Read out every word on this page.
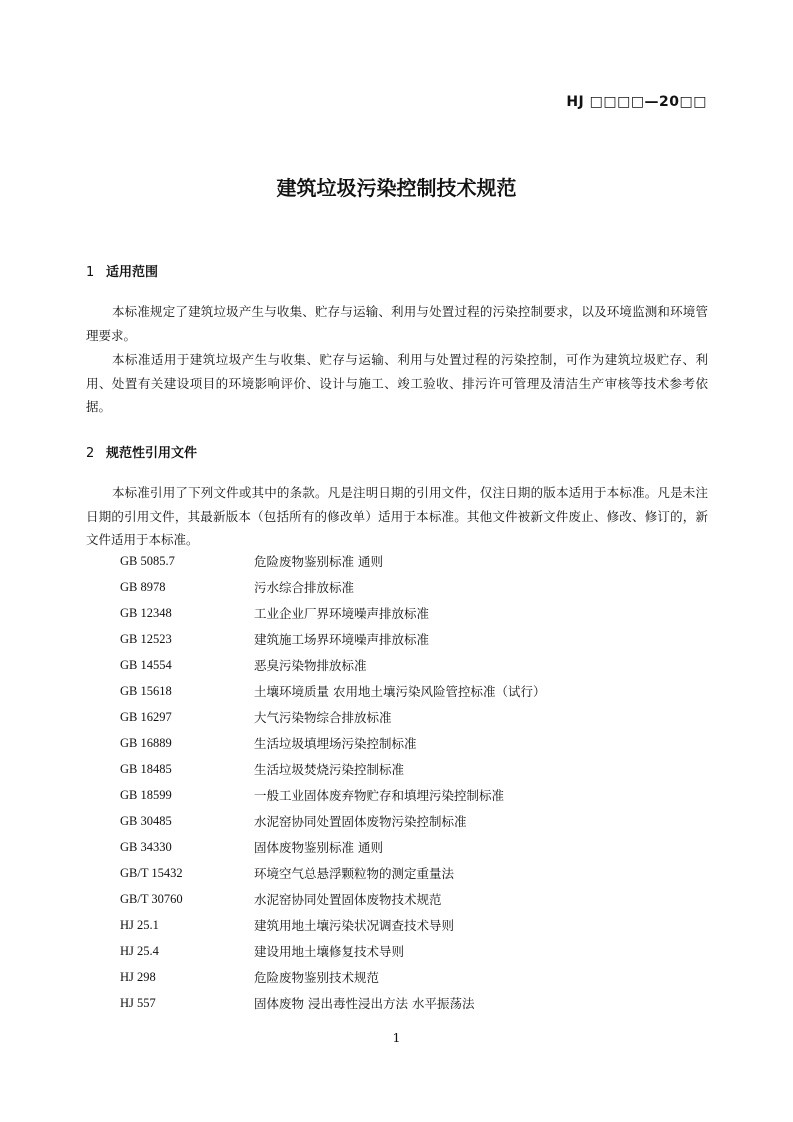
HJ □□□□—20□□
建筑垃圾污染控制技术规范
1 适用范围
本标准规定了建筑垃圾产生与收集、贮存与运输、利用与处置过程的污染控制要求，以及环境监测和环境管理要求。
本标准适用于建筑垃圾产生与收集、贮存与运输、利用与处置过程的污染控制，可作为建筑垃圾贮存、利用、处置有关建设项目的环境影响评价、设计与施工、竣工验收、排污许可管理及清洁生产审核等技术参考依据。
2 规范性引用文件
本标准引用了下列文件或其中的条款。凡是注明日期的引用文件，仅注日期的版本适用于本标准。凡是未注日期的引用文件，其最新版本（包括所有的修改单）适用于本标准。其他文件被新文件废止、修改、修订的，新文件适用于本标准。
GB 5085.7	危险废物鉴别标准 通则
GB 8978	污水综合排放标准
GB 12348	工业企业厂界环境噪声排放标准
GB 12523	建筑施工场界环境噪声排放标准
GB 14554	恶臭污染物排放标准
GB 15618	土壤环境质量 农用地土壤污染风险管控标准（试行）
GB 16297	大气污染物综合排放标准
GB 16889	生活垃圾填埋场污染控制标准
GB 18485	生活垃圾焚烧污染控制标准
GB 18599	一般工业固体废弃物贮存和填埋污染控制标准
GB 30485	水泥窑协同处置固体废物污染控制标准
GB 34330	固体废物鉴别标准 通则
GB/T 15432	环境空气总悬浮颗粒物的测定重量法
GB/T 30760	水泥窑协同处置固体废物技术规范
HJ 25.1	建筑用地土壤污染状况调查技术导则
HJ 25.4	建设用地土壤修复技术导则
HJ 298	危险废物鉴别技术规范
HJ 557	固体废物 浸出毒性浸出方法 水平振荡法
1
